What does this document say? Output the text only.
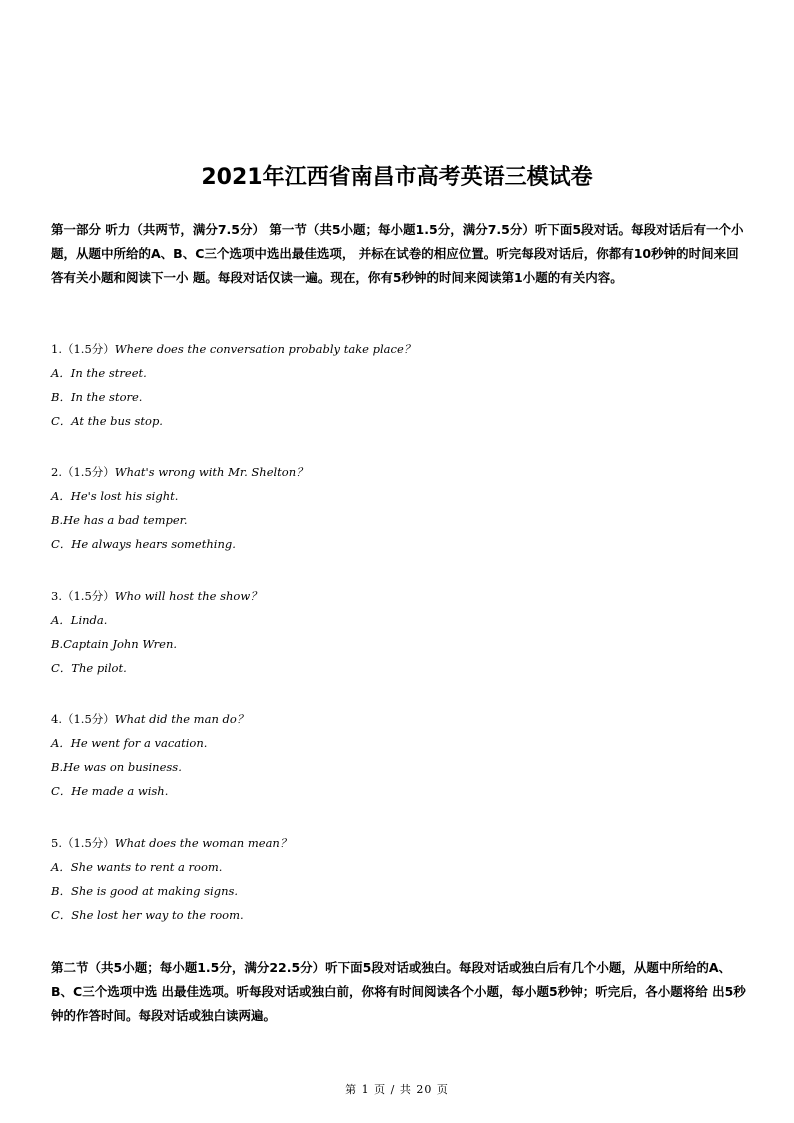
2021年江西省南昌市高考英语三模试卷
第一部分 听力（共两节，满分7.5分） 第一节（共5小题；每小题1.5分，满分7.5分）听下面5段对话。每段对话后有一个小题，从题中所给的A、B、C三个选项中选出最佳选项， 并标在试卷的相应位置。听完每段对话后，你都有10秒钟的时间来回答有关小题和阅读下一小 题。每段对话仅读一遍。现在，你有5秒钟的时间来阅读第1小题的有关内容。
1.（1.5分）Where does the conversation probably take place？
A．In the street.
B．In the store.
C．At the bus stop.
2.（1.5分）What's wrong with Mr. Shelton？
A．He's lost his sight.
B.He has a bad temper.
C．He always hears something.
3.（1.5分）Who will host the show？
A．Linda.
B.Captain John Wren.
C．The pilot.
4.（1.5分）What did the man do？
A．He went for a vacation.
B.He was on business.
C．He made a wish.
5.（1.5分）What does the woman mean？
A．She wants to rent a room.
B．She is good at making signs.
C．She lost her way to the room.
第二节（共5小题；每小题1.5分，满分22.5分）听下面5段对话或独白。每段对话或独白后有几个小题，从题中所给的A、B、C三个选项中选 出最佳选项。听每段对话或独白前，你将有时间阅读各个小题，每小题5秒钟；听完后，各小题将给 出5秒钟的作答时间。每段对话或独白读两遍。
第 1 页 / 共 20 页
